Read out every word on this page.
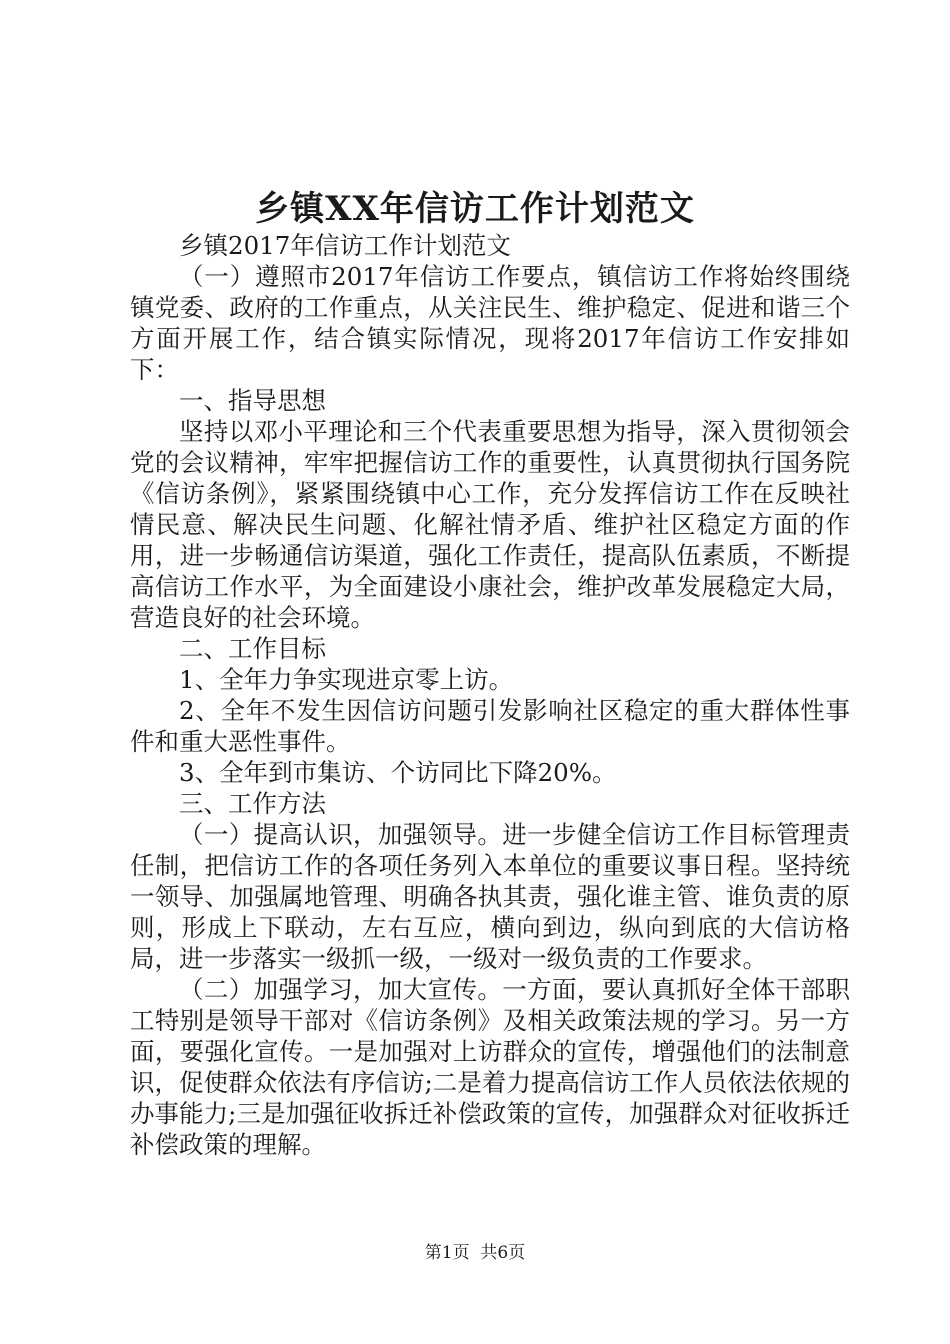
乡镇XX年信访工作计划范文

乡镇2017年信访工作计划范文

（一）遵照市2017年信访工作要点，镇信访工作将始终围绕镇党委、政府的工作重点，从关注民生、维护稳定、促进和谐三个方面开展工作，结合镇实际情况，现将2017年信访工作安排如下：

一、指导思想

坚持以邓小平理论和三个代表重要思想为指导，深入贯彻领会党的会议精神，牢牢把握信访工作的重要性，认真贯彻执行国务院《信访条例》，紧紧围绕镇中心工作，充分发挥信访工作在反映社情民意、解决民生问题、化解社情矛盾、维护社区稳定方面的作用，进一步畅通信访渠道，强化工作责任，提高队伍素质，不断提高信访工作水平，为全面建设小康社会，维护改革发展稳定大局，营造良好的社会环境。

二、工作目标

1、全年力争实现进京零上访。

2、全年不发生因信访问题引发影响社区稳定的重大群体性事件和重大恶性事件。

3、全年到市集访、个访同比下降20%。

三、工作方法

（一）提高认识，加强领导。进一步健全信访工作目标管理责任制，把信访工作的各项任务列入本单位的重要议事日程。坚持统一领导、加强属地管理、明确各执其责，强化谁主管、谁负责的原则，形成上下联动，左右互应，横向到边，纵向到底的大信访格局，进一步落实一级抓一级，一级对一级负责的工作要求。

（二）加强学习，加大宣传。一方面，要认真抓好全体干部职工特别是领导干部对《信访条例》及相关政策法规的学习。另一方面，要强化宣传。一是加强对上访群众的宣传，增强他们的法制意识，促使群众依法有序信访;二是着力提高信访工作人员依法依规的办事能力;三是加强征收拆迁补偿政策的宣传，加强群众对征收拆迁补偿政策的理解。

第1页  共6页
